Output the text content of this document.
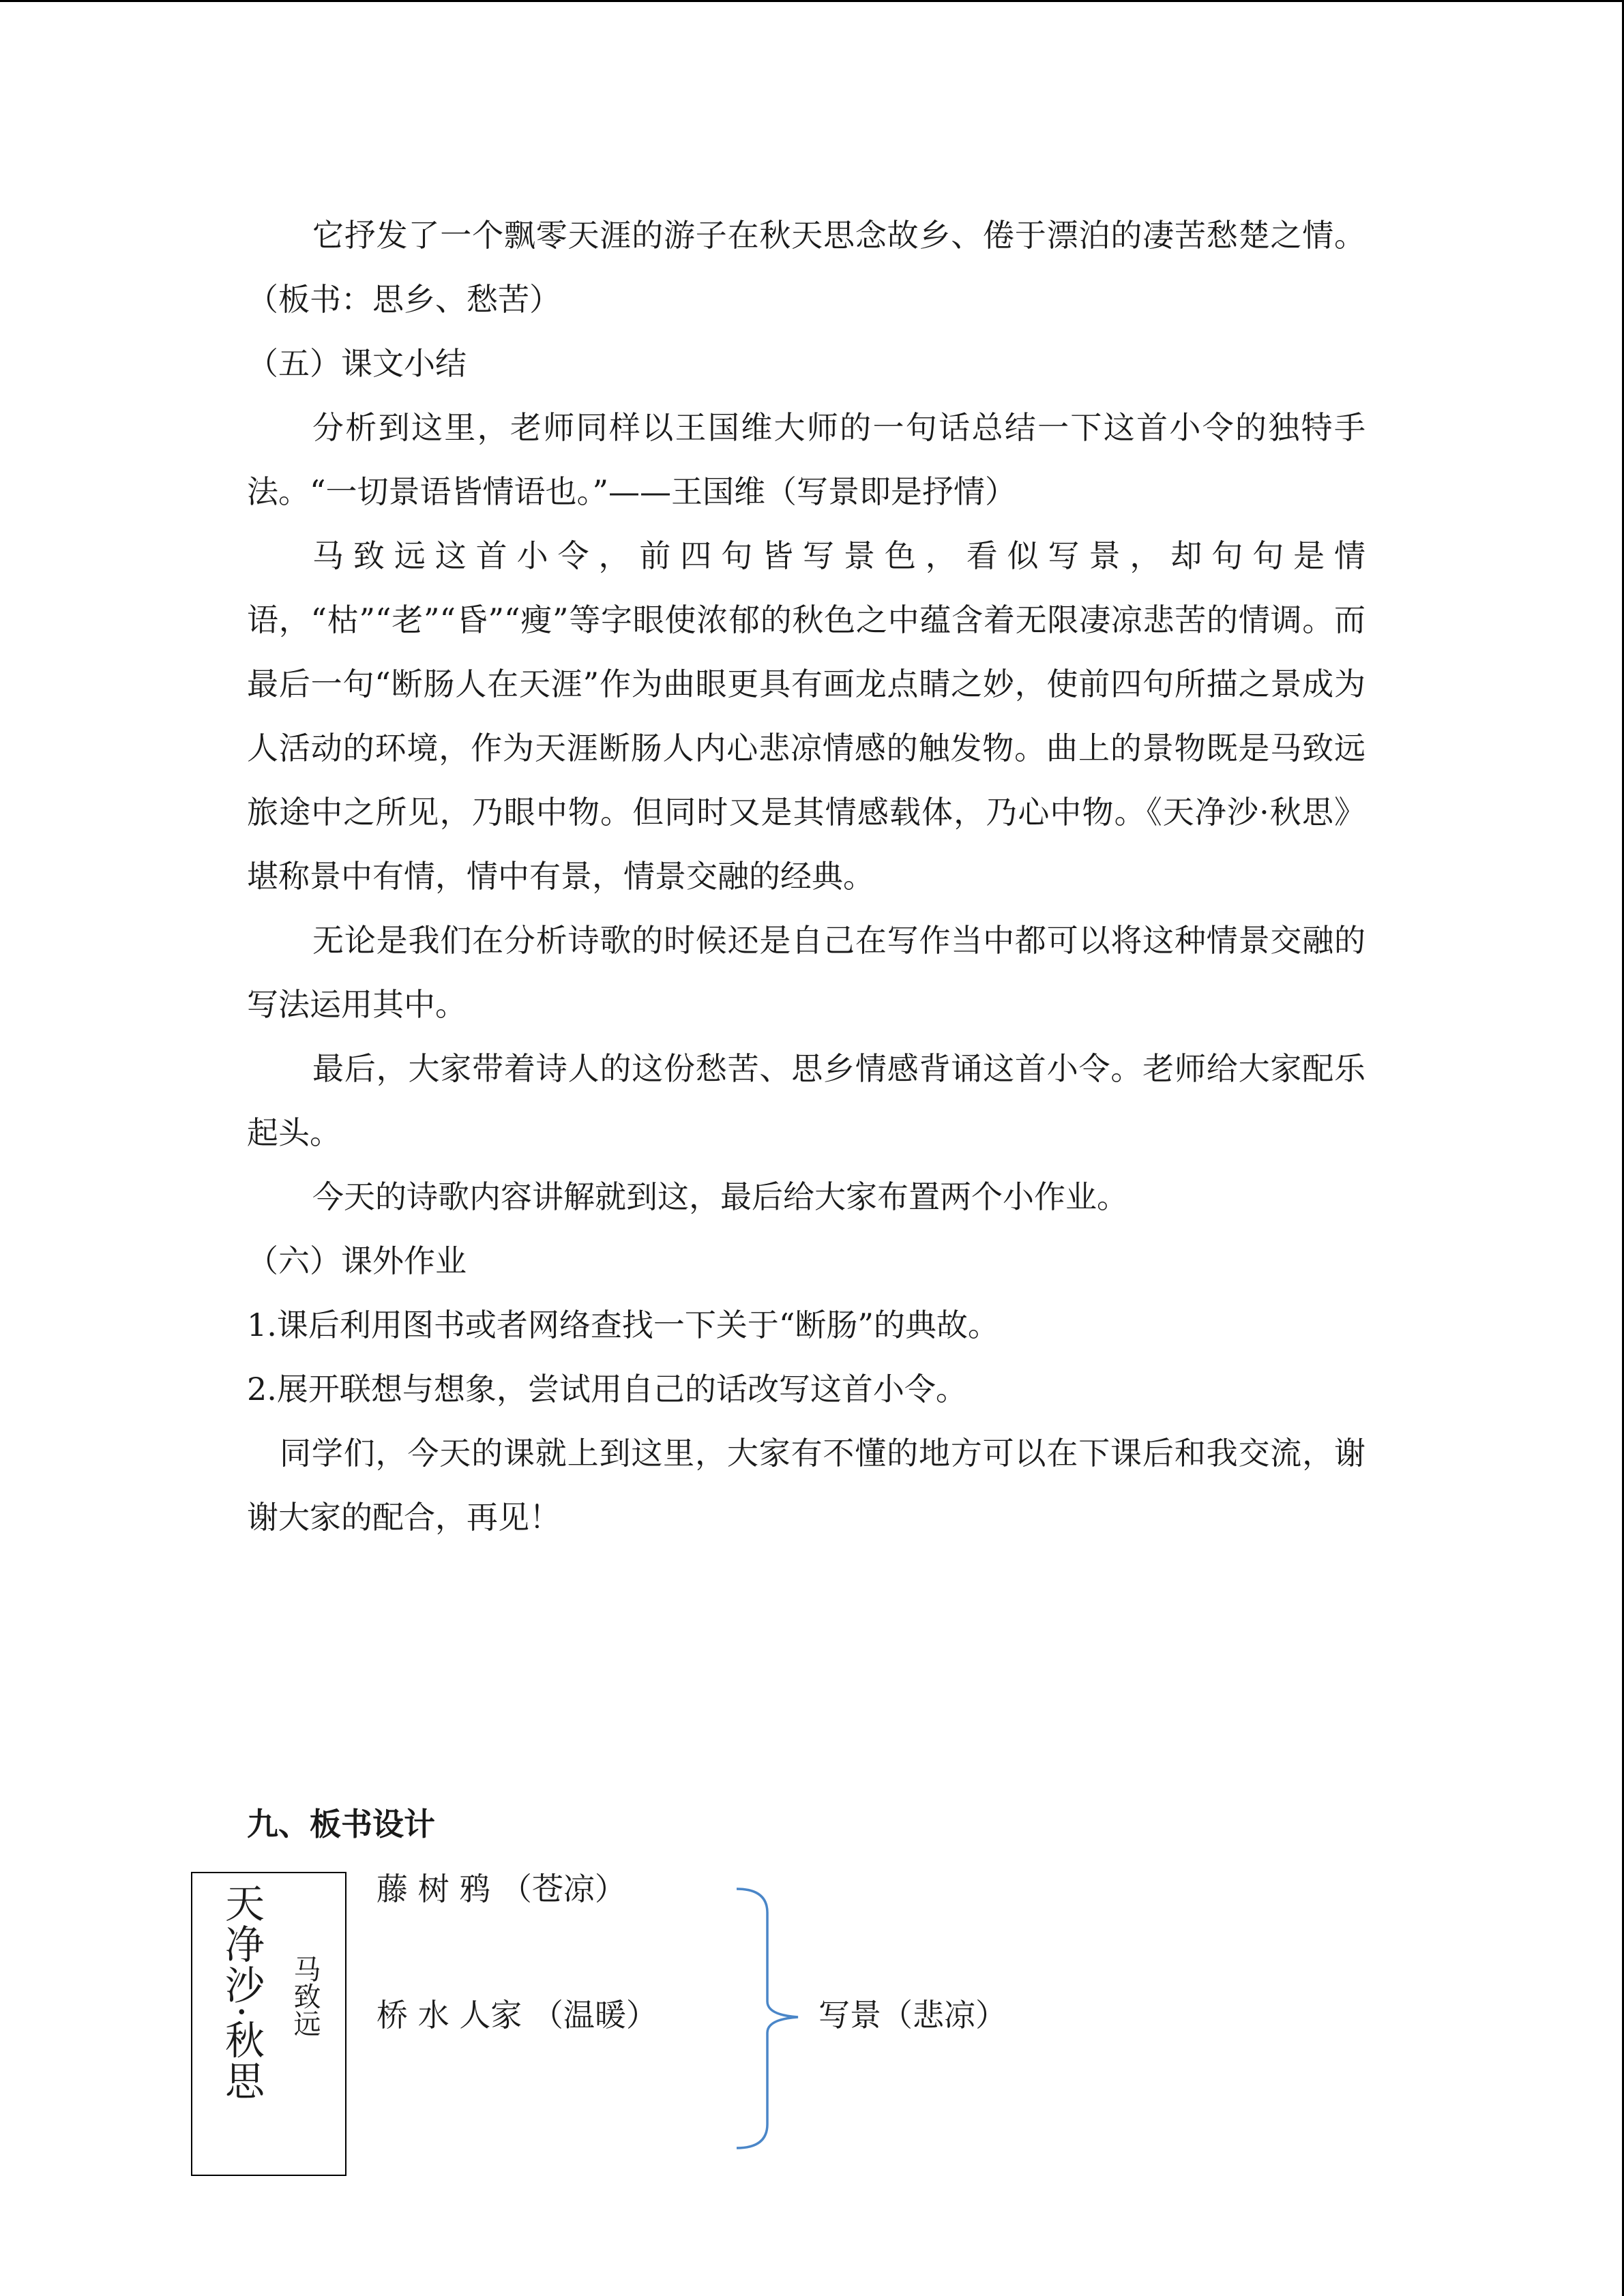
它抒发了一个飘零天涯的游子在秋天思念故乡、倦于漂泊的凄苦愁楚之情。（板书：思乡、愁苦）

（五）课文小结

分析到这里，老师同样以王国维大师的一句话总结一下这首小令的独特手法。“一切景语皆情语也。”——王国维（写景即是抒情）

马致远这首小令，前四句皆写景色，看似写景，却句句是情语，“枯”“老”“昏”“瘦”等字眼使浓郁的秋色之中蕴含着无限凄凉悲苦的情调。而最后一句“断肠人在天涯”作为曲眼更具有画龙点睛之妙，使前四句所描之景成为人活动的环境，作为天涯断肠人内心悲凉情感的触发物。曲上的景物既是马致远旅途中之所见，乃眼中物。但同时又是其情感载体，乃心中物。《天净沙·秋思》堪称景中有情，情中有景，情景交融的经典。

无论是我们在分析诗歌的时候还是自己在写作当中都可以将这种情景交融的写法运用其中。

最后，大家带着诗人的这份愁苦、思乡情感背诵这首小令。老师给大家配乐起头。

今天的诗歌内容讲解就到这，最后给大家布置两个小作业。

（六）课外作业

1.课后利用图书或者网络查找一下关于“断肠”的典故。

2.展开联想与想象，尝试用自己的话改写这首小令。

同学们，今天的课就上到这里，大家有不懂的地方可以在下课后和我交流，谢谢大家的配合，再见！

九、板书设计
天净沙·秋思 马致远
藤 树 鸦 （苍凉）
桥 水 人家 （温暖）	写景（悲凉）
